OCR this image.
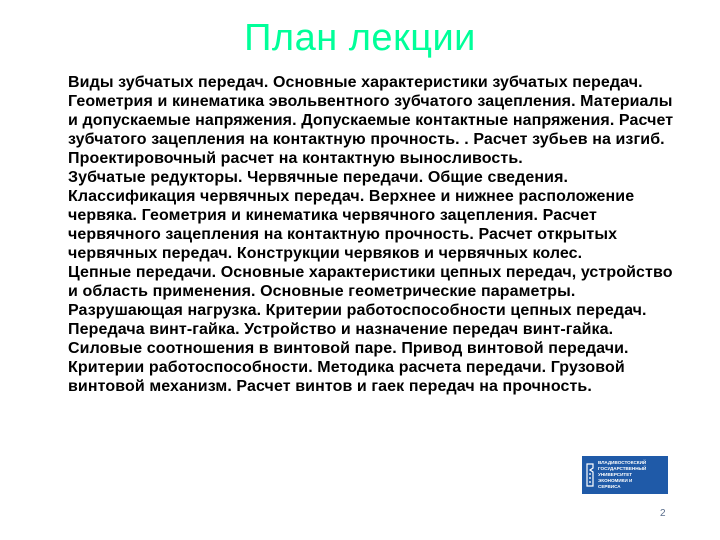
План лекции

Виды зубчатых передач. Основные характеристики зубчатых передач. Геометрия и кинематика эвольвентного зубчатого зацепления. Материалы и допускаемые напряжения. Допускаемые контактные напряжения. Расчет зубчатого зацепления на контактную прочность. . Расчет зубьев на изгиб. Проектировочный расчет на контактную выносливость.

Зубчатые редукторы. Червячные передачи. Общие сведения. Классификация червячных передач. Верхнее и нижнее расположение червяка. Геометрия и кинематика червячного зацепления. Расчет червячного зацепления на контактную прочность. Расчет открытых червячных передач. Конструкции червяков и червячных колес.

Цепные передачи. Основные характеристики цепных передач, устройство и область применения. Основные геометрические параметры. Разрушающая нагрузка. Критерии работоспособности цепных передач.

Передача винт-гайка. Устройство и назначение передач винт-гайка. Силовые соотношения в винтовой паре. Привод винтовой передачи. Критерии работоспособности. Методика расчета передачи. Грузовой винтовой механизм. Расчет винтов и гаек передач на прочность.

ВЛАДИВОСТОКСКИЙ
ГОСУДАРСТВЕННЫЙ
УНИВЕРСИТЕТ
ЭКОНОМИКИ И
СЕРВИСА
2
